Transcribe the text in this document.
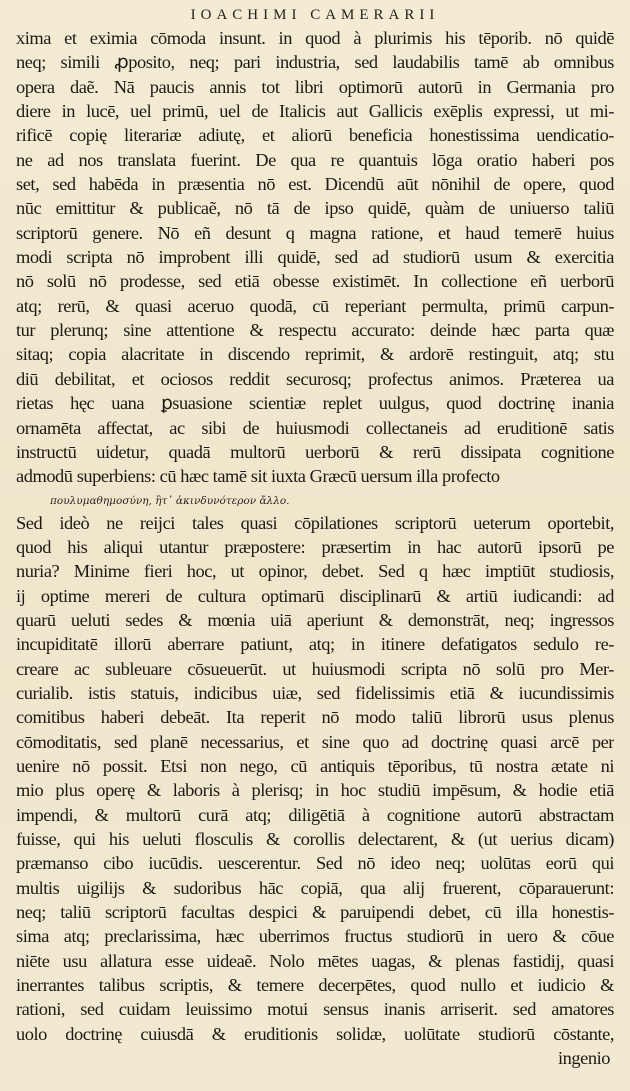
IOACHIMI CAMERARII
xima et eximia cōmoda insunt. in quod à plurimis his tēporib. nō quidē
neq; simili ꝓposito, neq; pari industria, sed laudabilis tamē ab omnibus
opera daẽ. Nā paucis annis tot libri optimorū autorū in Germania pro
diere in lucē, uel primū, uel de Italicis aut Gallicis exēplis expressi, ut mi-
rificē copię literariæ adiutę, et aliorū beneficia honestissima uendicatio-
ne ad nos translata fuerint. De qua re quantuis lōga oratio haberi pos
set, sed habēda in præsentia nō est. Dicendū aūt nōnihil de opere, quod
nūc emittitur & publicaẽ, nō tā de ipso quidē, quàm de uniuerso taliū
scriptorū genere. Nō eñ desunt q magna ratione, et haud temerē huius
modi scripta nō improbent illi quidē, sed ad studiorū usum & exercitia
nō solū nō prodesse, sed etiā obesse existimēt. In collectione eñ uerborū
atq; rerū, & quasi aceruo quodā, cū reperiant permulta, primū carpun-
tur plerunq; sine attentione & respectu accurato: deinde hæc parta quæ
sitaq; copia alacritate in discendo reprimit, & ardorē restinguit, atq; stu
diū debilitat, et ociosos reddit securosq; profectus animos. Præterea ua
rietas hęc uana ꝑsuasione scientiæ replet uulgus, quod doctrinę inania
ornamēta affectat, ac sibi de huiusmodi collectaneis ad eruditionē satis
instructū uidetur, quadā multorū uerborū & rerū dissipata cognitione
admodū superbiens: cū hæc tamē sit iuxta Græcū uersum illa profecto
πουλυμαθημοσύνη, ἣτ᾽ ἀκινδυνότερον ἄλλο.
Sed ideò ne reijci tales quasi cōpilationes scriptorū ueterum oportebit,
quod his aliqui utantur præpostere: præsertim in hac autorū ipsorū pe
nuria? Minime fieri hoc, ut opinor, debet. Sed q hæc imptiūt studiosis,
ij optime mereri de cultura optimarū disciplinarū & artiū iudicandi: ad
quarū ueluti sedes & mœnia uiā aperiunt & demonstrāt, neq; ingressos
incupiditatē illorū aberrare patiunt, atq; in itinere defatigatos sedulo re-
creare ac subleuare cōsueuerūt. ut huiusmodi scripta nō solū pro Mer-
curialib. istis statuis, indicibus uiæ, sed fidelissimis etiā & iucundissimis
comitibus haberi debeāt. Ita reperit nō modo taliū librorū usus plenus
cōmoditatis, sed planē necessarius, et sine quo ad doctrinę quasi arcē per
uenire nō possit. Etsi non nego, cū antiquis tēporibus, tū nostra ætate ni
mio plus operę & laboris à plerisq; in hoc studiū impēsum, & hodie etiā
impendi, & multorū curā atq; diligētiā à cognitione autorū abstractam
fuisse, qui his ueluti flosculis & corollis delectarent, & (ut uerius dicam)
præmanso cibo iucūdis. uescerentur. Sed nō ideo neq; uolūtas eorū qui
multis uigilijs & sudoribus hāc copiā, qua alij fruerent, cōparauerunt:
neq; taliū scriptorū facultas despici & paruipendi debet, cū illa honestis-
sima atq; preclarissima, hæc uberrimos fructus studiorū in uero & cōue
niēte usu allatura esse uideaẽ. Nolo mētes uagas, & plenas fastidij, quasi
inerrantes talibus scriptis, & temere decerpētes, quod nullo et iudicio &
rationi, sed cuidam leuissimo motui sensus inanis arriserit. sed amatores
uolo doctrinę cuiusdā & eruditionis solidæ, uolūtate studiorū cōstante,
ingenio
